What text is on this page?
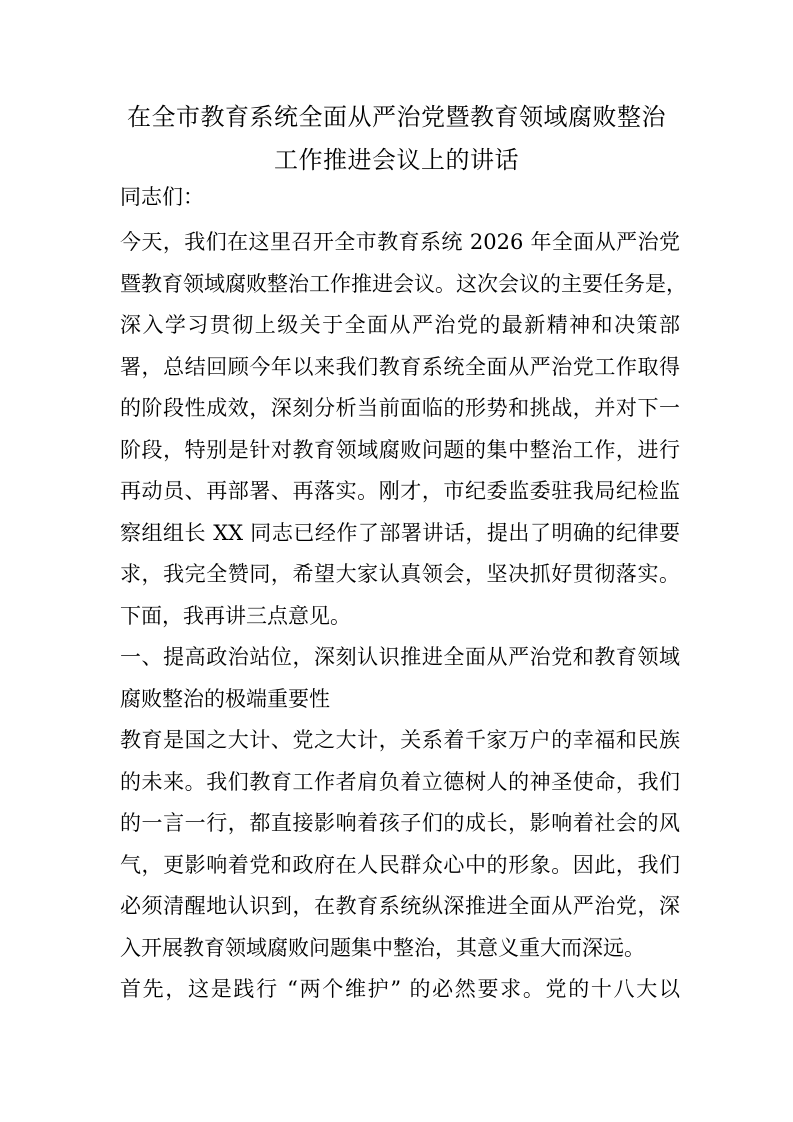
在全市教育系统全面从严治党暨教育领域腐败整治
工作推进会议上的讲话
同志们：
今天，我们在这里召开全市教育系统 2026 年全面从严治党
暨教育领域腐败整治工作推进会议。这次会议的主要任务是，
深入学习贯彻上级关于全面从严治党的最新精神和决策部
署，总结回顾今年以来我们教育系统全面从严治党工作取得
的阶段性成效，深刻分析当前面临的形势和挑战，并对下一
阶段，特别是针对教育领域腐败问题的集中整治工作，进行
再动员、再部署、再落实。刚才，市纪委监委驻我局纪检监
察组组长 XX 同志已经作了部署讲话，提出了明确的纪律要
求，我完全赞同，希望大家认真领会，坚决抓好贯彻落实。
下面，我再讲三点意见。
一、提高政治站位，深刻认识推进全面从严治党和教育领域
腐败整治的极端重要性
教育是国之大计、党之大计，关系着千家万户的幸福和民族
的未来。我们教育工作者肩负着立德树人的神圣使命，我们
的一言一行，都直接影响着孩子们的成长，影响着社会的风
气，更影响着党和政府在人民群众心中的形象。因此，我们
必须清醒地认识到，在教育系统纵深推进全面从严治党，深
入开展教育领域腐败问题集中整治，其意义重大而深远。
首先，这是践行 “两个维护” 的必然要求。党的十八大以
